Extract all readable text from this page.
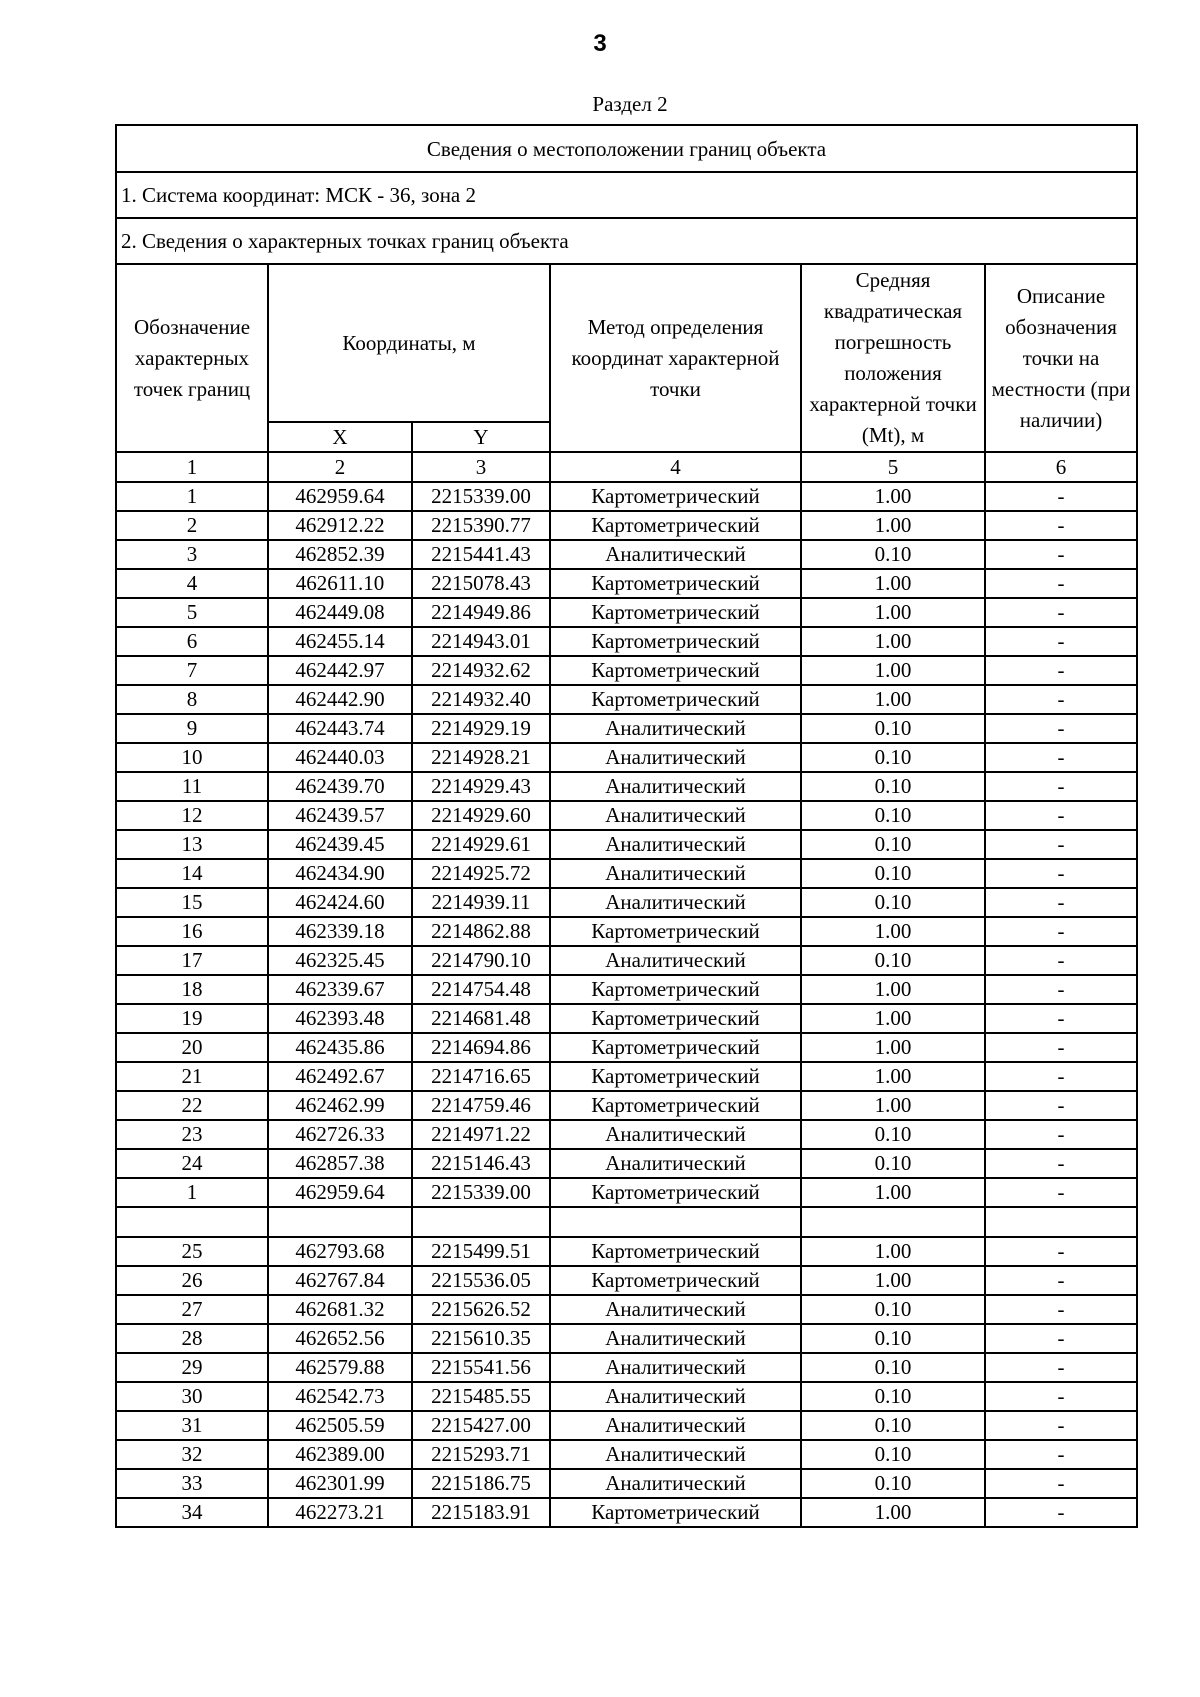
3
Раздел 2
Сведения о местоположении границ объекта					
1. Система координат: МСК - 36, зона 2					
2. Сведения о характерных точках границ объекта					
Обозначение характерных точек границ	Координаты, м		Метод определения координат характерной точки	Средняя квадратическая погрешность положения характерной точки (Mt), м	Описание обозначения точки на местности (при наличии)
	X	Y			
1	2	3	4	5	6
1	462959.64	2215339.00	Картометрический	1.00	-
2	462912.22	2215390.77	Картометрический	1.00	-
3	462852.39	2215441.43	Аналитический	0.10	-
4	462611.10	2215078.43	Картометрический	1.00	-
5	462449.08	2214949.86	Картометрический	1.00	-
6	462455.14	2214943.01	Картометрический	1.00	-
7	462442.97	2214932.62	Картометрический	1.00	-
8	462442.90	2214932.40	Картометрический	1.00	-
9	462443.74	2214929.19	Аналитический	0.10	-
10	462440.03	2214928.21	Аналитический	0.10	-
11	462439.70	2214929.43	Аналитический	0.10	-
12	462439.57	2214929.60	Аналитический	0.10	-
13	462439.45	2214929.61	Аналитический	0.10	-
14	462434.90	2214925.72	Аналитический	0.10	-
15	462424.60	2214939.11	Аналитический	0.10	-
16	462339.18	2214862.88	Картометрический	1.00	-
17	462325.45	2214790.10	Аналитический	0.10	-
18	462339.67	2214754.48	Картометрический	1.00	-
19	462393.48	2214681.48	Картометрический	1.00	-
20	462435.86	2214694.86	Картометрический	1.00	-
21	462492.67	2214716.65	Картометрический	1.00	-
22	462462.99	2214759.46	Картометрический	1.00	-
23	462726.33	2214971.22	Аналитический	0.10	-
24	462857.38	2215146.43	Аналитический	0.10	-
1	462959.64	2215339.00	Картометрический	1.00	-

25	462793.68	2215499.51	Картометрический	1.00	-
26	462767.84	2215536.05	Картометрический	1.00	-
27	462681.32	2215626.52	Аналитический	0.10	-
28	462652.56	2215610.35	Аналитический	0.10	-
29	462579.88	2215541.56	Аналитический	0.10	-
30	462542.73	2215485.55	Аналитический	0.10	-
31	462505.59	2215427.00	Аналитический	0.10	-
32	462389.00	2215293.71	Аналитический	0.10	-
33	462301.99	2215186.75	Аналитический	0.10	-
34	462273.21	2215183.91	Картометрический	1.00	-
